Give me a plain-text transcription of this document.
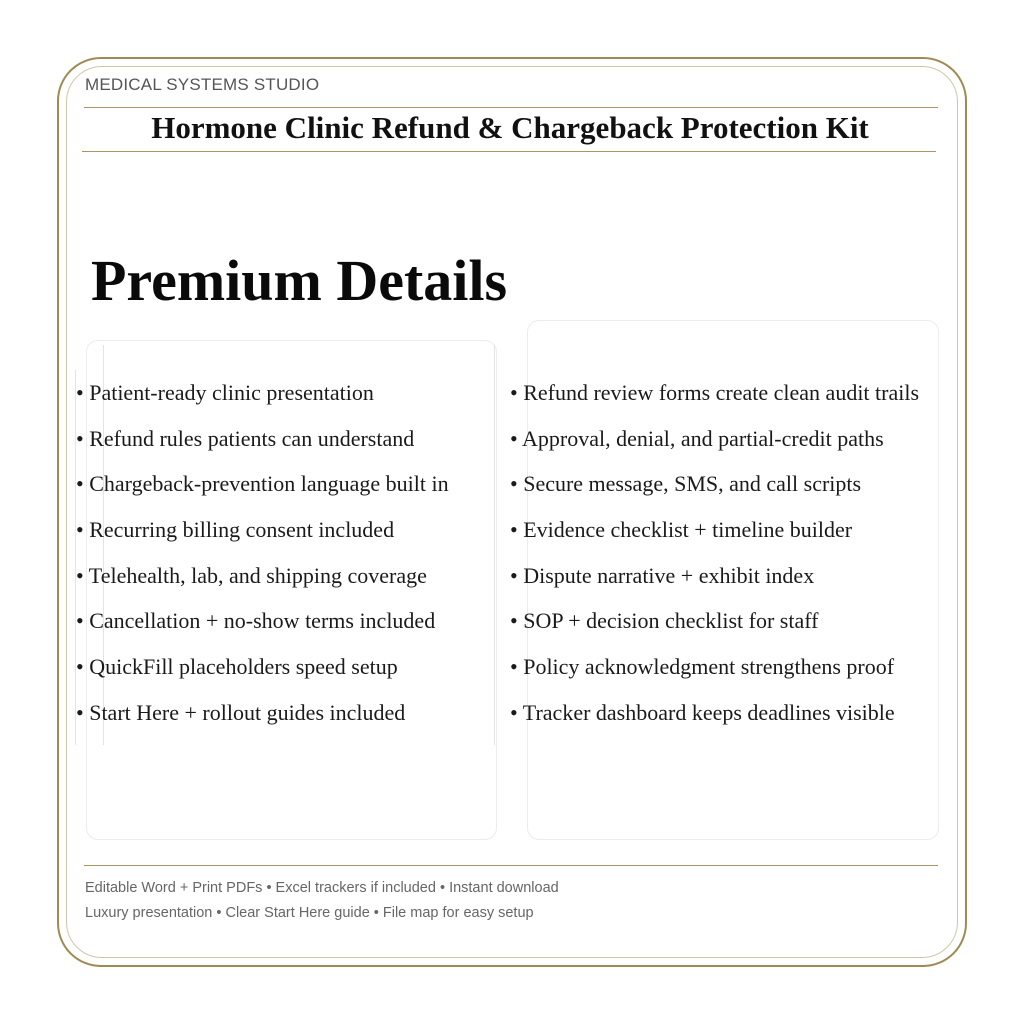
MEDICAL SYSTEMS STUDIO
Hormone Clinic Refund & Chargeback Protection Kit
Premium Details
• Patient-ready clinic presentation
• Refund rules patients can understand
• Chargeback-prevention language built in
• Recurring billing consent included
• Telehealth, lab, and shipping coverage
• Cancellation + no-show terms included
• QuickFill placeholders speed setup
• Start Here + rollout guides included
• Refund review forms create clean audit trails
• Approval, denial, and partial-credit paths
• Secure message, SMS, and call scripts
• Evidence checklist + timeline builder
• Dispute narrative + exhibit index
• SOP + decision checklist for staff
• Policy acknowledgment strengthens proof
• Tracker dashboard keeps deadlines visible
Editable Word + Print PDFs • Excel trackers if included • Instant download
Luxury presentation • Clear Start Here guide • File map for easy setup
